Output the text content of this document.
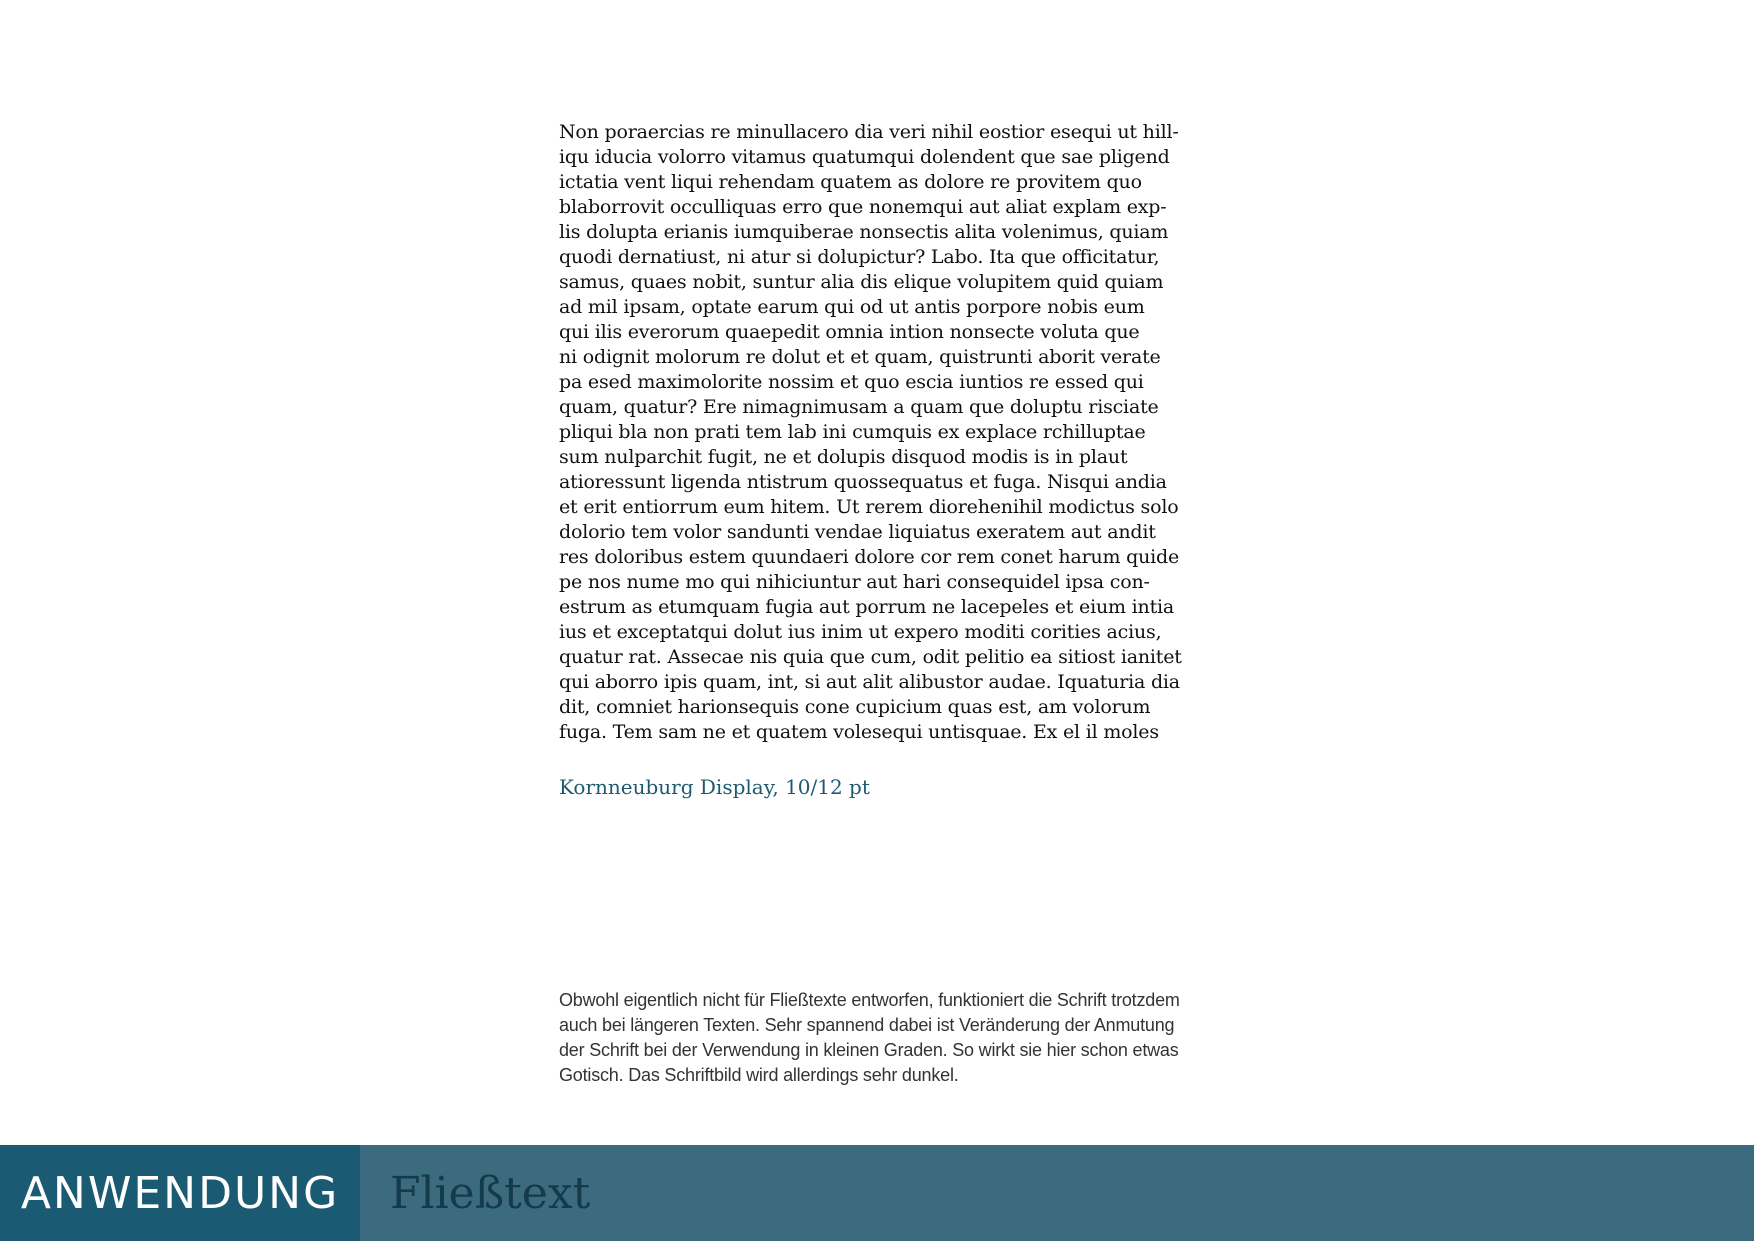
Non poraercias re minullacero dia veri nihil eostior esequi ut hill-
iqu iducia volorro vitamus quatumqui dolendent que sae pligend
ictatia vent liqui rehendam quatem as dolore re provitem quo
blaborrovit occulliquas erro que nonemqui aut aliat explam exp-
lis dolupta erianis iumquiberae nonsectis alita volenimus, quiam
quodi dernatiust, ni atur si dolupictur? Labo. Ita que officitatur,
samus, quaes nobit, suntur alia dis elique volupitem quid quiam
ad mil ipsam, optate earum qui od ut antis porpore nobis eum
qui ilis everorum quaepedit omnia intion nonsecte voluta que
ni odignit molorum re dolut et et quam, quistrunti aborit verate
pa esed maximolorite nossim et quo escia iuntios re essed qui
quam, quatur? Ere nimagnimusam a quam que doluptu risciate
pliqui bla non prati tem lab ini cumquis ex explace rchilluptae
sum nulparchit fugit, ne et dolupis disquod modis is in plaut
atioressunt ligenda ntistrum quossequatus et fuga. Nisqui andia
et erit entiorrum eum hitem. Ut rerem diorehenihil modictus solo
dolorio tem volor sandunti vendae liquiatus exeratem aut andit
res doloribus estem quundaeri dolore cor rem conet harum quide
pe nos nume mo qui nihiciuntur aut hari consequidel ipsa con-
estrum as etumquam fugia aut porrum ne lacepeles et eium intia
ius et exceptatqui dolut ius inim ut expero moditi corities acius,
quatur rat. Assecae nis quia que cum, odit pelitio ea sitiost ianitet
qui aborro ipis quam, int, si aut alit alibustor audae. Iquaturia dia
dit, comniet harionsequis cone cupicium quas est, am volorum
fuga. Tem sam ne et quatem volesequi untisquae. Ex el il moles

Kornneuburg Display, 10/12 pt

Obwohl eigentlich nicht für Fließtexte entworfen, funktioniert die Schrift trotzdem
auch bei längeren Texten. Sehr spannend dabei ist Veränderung der Anmutung
der Schrift bei der Verwendung in kleinen Graden. So wirkt sie hier schon etwas
Gotisch. Das Schriftbild wird allerdings sehr dunkel.
ANWENDUNG Fließtext
